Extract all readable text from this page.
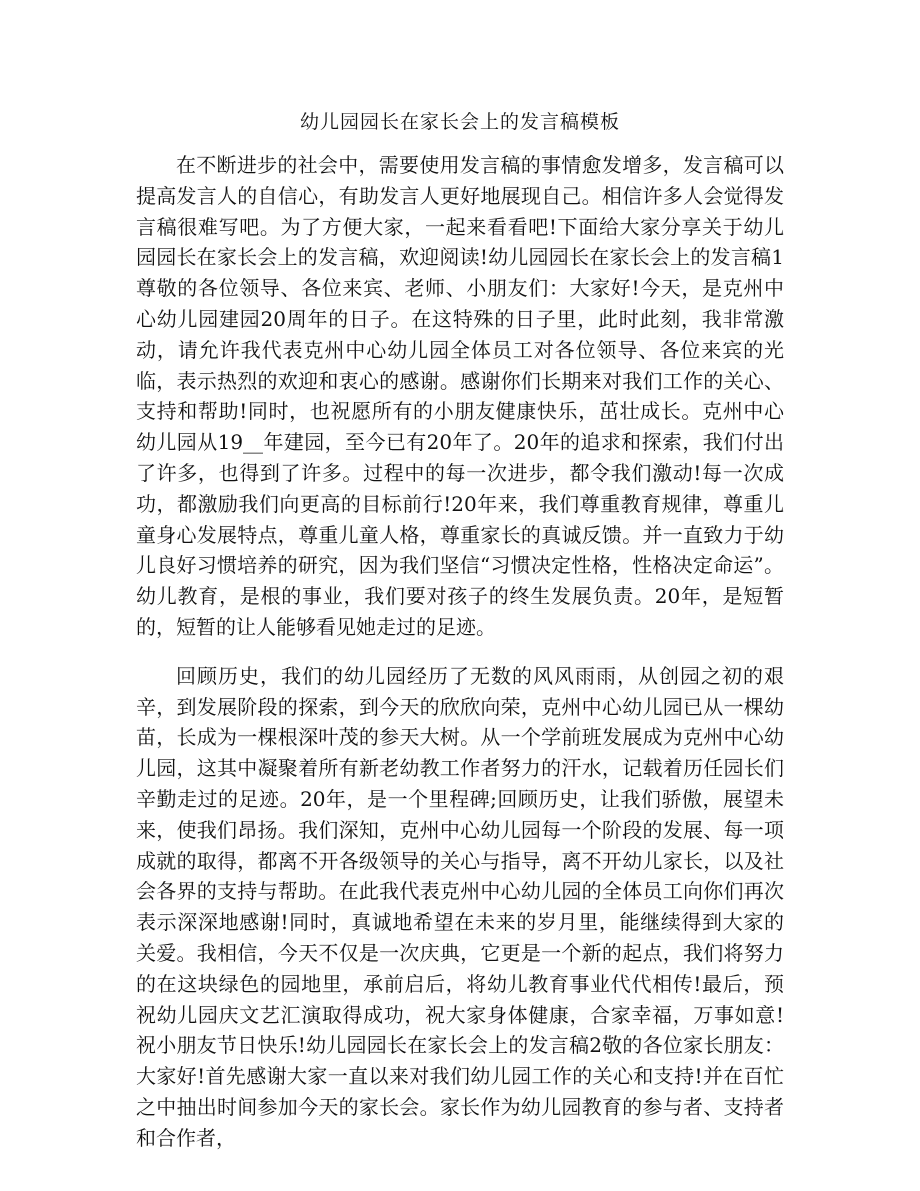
幼儿园园长在家长会上的发言稿模板

在不断进步的社会中，需要使用发言稿的事情愈发增多，发言稿可以提高发言人的自信心，有助发言人更好地展现自己。相信许多人会觉得发言稿很难写吧。为了方便大家，一起来看看吧!下面给大家分享关于幼儿园园长在家长会上的发言稿，欢迎阅读!幼儿园园长在家长会上的发言稿1尊敬的各位领导、各位来宾、老师、小朋友们：大家好!今天，是克州中心幼儿园建园20周年的日子。在这特殊的日子里，此时此刻，我非常激动，请允许我代表克州中心幼儿园全体员工对各位领导、各位来宾的光临，表示热烈的欢迎和衷心的感谢。感谢你们长期来对我们工作的关心、支持和帮助!同时，也祝愿所有的小朋友健康快乐，茁壮成长。克州中心幼儿园从19__年建园，至今已有20年了。20年的追求和探索，我们付出了许多，也得到了许多。过程中的每一次进步，都令我们激动!每一次成功，都激励我们向更高的目标前行!20年来，我们尊重教育规律，尊重儿童身心发展特点，尊重儿童人格，尊重家长的真诚反馈。并一直致力于幼儿良好习惯培养的研究，因为我们坚信“习惯决定性格，性格决定命运”。幼儿教育，是根的事业，我们要对孩子的终生发展负责。20年，是短暂的，短暂的让人能够看见她走过的足迹。

回顾历史，我们的幼儿园经历了无数的风风雨雨，从创园之初的艰辛，到发展阶段的探索，到今天的欣欣向荣，克州中心幼儿园已从一棵幼苗，长成为一棵根深叶茂的参天大树。从一个学前班发展成为克州中心幼儿园，这其中凝聚着所有新老幼教工作者努力的汗水，记载着历任园长们辛勤走过的足迹。20年，是一个里程碑;回顾历史，让我们骄傲，展望未来，使我们昂扬。我们深知，克州中心幼儿园每一个阶段的发展、每一项成就的取得，都离不开各级领导的关心与指导，离不开幼儿家长，以及社会各界的支持与帮助。在此我代表克州中心幼儿园的全体员工向你们再次表示深深地感谢!同时，真诚地希望在未来的岁月里，能继续得到大家的关爱。我相信，今天不仅是一次庆典，它更是一个新的起点，我们将努力的在这块绿色的园地里，承前启后，将幼儿教育事业代代相传!最后，预祝幼儿园庆文艺汇演取得成功，祝大家身体健康，合家幸福，万事如意!祝小朋友节日快乐!幼儿园园长在家长会上的发言稿2敬的各位家长朋友：大家好!首先感谢大家一直以来对我们幼儿园工作的关心和支持!并在百忙之中抽出时间参加今天的家长会。家长作为幼儿园教育的参与者、支持者和合作者，
